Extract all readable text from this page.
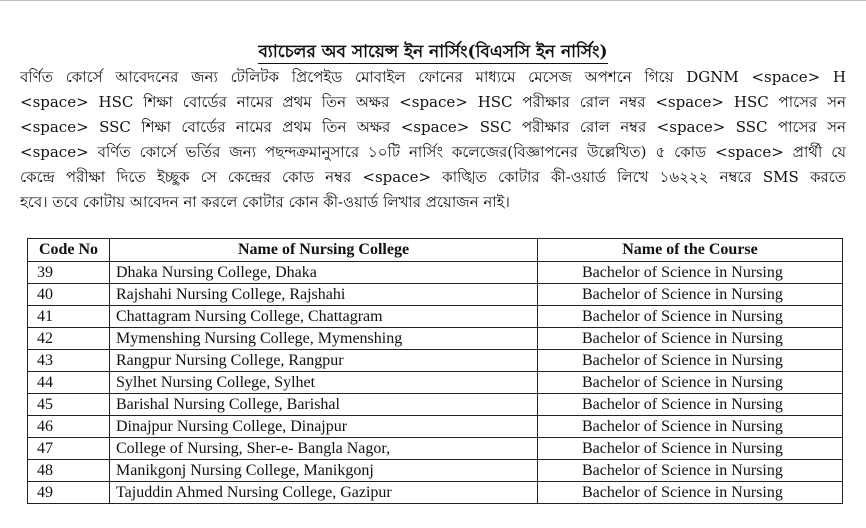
ব্যাচেলর অব সায়েন্স ইন নার্সিং(বিএসসি ইন নার্সিং)
বর্ণিত কোর্সে আবেদনের জন্য টেলিটক প্রিপেইড মোবাইল ফোনের মাধ্যমে মেসেজ অপশনে গিয়ে DGNM <space> H
<space> HSC শিক্ষা বোর্ডের নামের প্রথম তিন অক্ষর <space> HSC পরীক্ষার রোল নম্বর <space> HSC পাসের সন
<space> SSC শিক্ষা বোর্ডের নামের প্রথম তিন অক্ষর <space> SSC পরীক্ষার রোল নম্বর <space> SSC পাসের সন
<space> বর্ণিত কোর্সে ভর্তির জন্য পছন্দক্রমানুসারে ১০টি নার্সিং কলেজের(বিজ্ঞাপনের উল্লেখিত) ৫ কোড <space> প্রার্থী যে
কেন্দ্রে পরীক্ষা দিতে ইচ্ছুক সে কেন্দ্রের কোড নম্বর <space> কাঙ্খিত কোটার কী-ওয়ার্ড লিখে ১৬২২২ নম্বরে SMS করতে
হবে। তবে কোটায় আবেদন না করলে কোটার কোন কী-ওয়ার্ড লিখার প্রয়োজন নাই।
Code No	Name of Nursing College	Name of the Course
39	Dhaka Nursing College, Dhaka	Bachelor of Science in Nursing
40	Rajshahi Nursing College, Rajshahi	Bachelor of Science in Nursing
41	Chattagram Nursing College, Chattagram	Bachelor of Science in Nursing
42	Mymenshing Nursing College, Mymenshing	Bachelor of Science in Nursing
43	Rangpur Nursing College, Rangpur	Bachelor of Science in Nursing
44	Sylhet Nursing College, Sylhet	Bachelor of Science in Nursing
45	Barishal Nursing College, Barishal	Bachelor of Science in Nursing
46	Dinajpur Nursing College, Dinajpur	Bachelor of Science in Nursing
47	College of Nursing, Sher-e- Bangla Nagor,	Bachelor of Science in Nursing
48	Manikgonj Nursing College, Manikgonj	Bachelor of Science in Nursing
49	Tajuddin Ahmed Nursing College, Gazipur	Bachelor of Science in Nursing
